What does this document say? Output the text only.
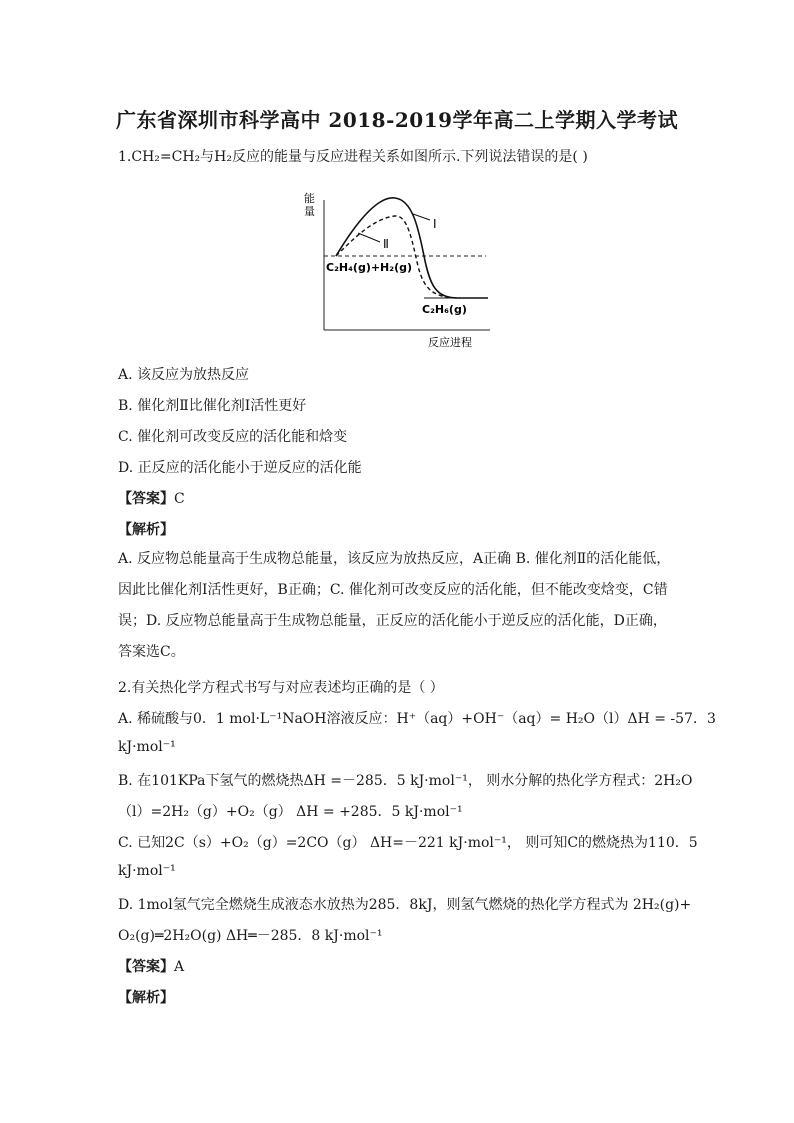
广东省深圳市科学高中 2018-2019学年高二上学期入学考试
1.CH₂=CH₂与H₂反应的能量与反应进程关系如图所示.下列说法错误的是( )
能
量
反应进程
Ⅰ
Ⅱ
C₂H₄(g)+H₂(g)
C₂H₆(g)
A. 该反应为放热反应
B. 催化剂Ⅱ比催化剂Ⅰ活性更好
C. 催化剂可改变反应的活化能和焓变
D. 正反应的活化能小于逆反应的活化能
【答案】C
【解析】
A. 反应物总能量高于生成物总能量，该反应为放热反应，A正确 B. 催化剂Ⅱ的活化能低，因此比催化剂Ⅰ活性更好，B正确；C. 催化剂可改变反应的活化能，但不能改变焓变，C错误；D. 反应物总能量高于生成物总能量，正反应的活化能小于逆反应的活化能，D正确，答案选C。
2.有关热化学方程式书写与对应表述均正确的是（ ）
A. 稀硫酸与0．1 mol·L⁻¹NaOH溶液反应：H⁺（aq）+OH⁻（aq）= H₂O（l）ΔH = -57．3
kJ·mol⁻¹
B. 在101KPa下氢气的燃烧热ΔH =－285．5 kJ·mol⁻¹， 则水分解的热化学方程式：2H₂O
（l）=2H₂（g）+O₂（g） ΔH = +285．5 kJ·mol⁻¹
C. 已知2C（s）+O₂（g）=2CO（g） ΔH=－221 kJ·mol⁻¹， 则可知C的燃烧热为110．5
kJ·mol⁻¹
D. 1mol氢气完全燃烧生成液态水放热为285．8kJ，则氢气燃烧的热化学方程式为 2H₂(g)+
O₂(g)═2H₂O(g) ΔH═－285．8 kJ·mol⁻¹
【答案】A
【解析】
